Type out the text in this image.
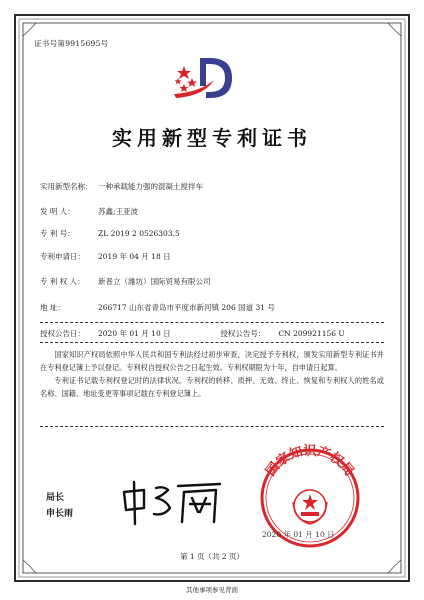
证书号第9915695号
实用新型专利证书
实用新型名称： 一种承载能力强的混凝土搅拌车
发 明 人：	苏鑫;王亚波
专 利 号：	ZL 2019 2 0526303.5
专利申请日： 2019 年 04 月 18 日
专 利 权 人： 新普立（潍坊）国际贸易有限公司
地 址：	266717 山东省青岛市平度市新河镇 206 国道 31 号
授权公告日： 2020 年 01 月 10 日	授权公告号： CN 209921156 U

国家知识产权局依照中华人民共和国专利法经过初步审查，决定授予专利权，颁发实用新型专利证书并在专利登记簿上予以登记。专利权自授权公告之日起生效。专利权期限为十年，自申请日起算。

专利证书记载专利权登记时的法律状况。专利权的转移、质押、无效、终止、恢复和专利权人的姓名或名称、国籍、地址变更等事项记载在专利登记簿上。

局长
申长雨
国家知识产权局
2020 年 01 月 10 日
第 1 页（共 2 页）
其他事项参见背面
